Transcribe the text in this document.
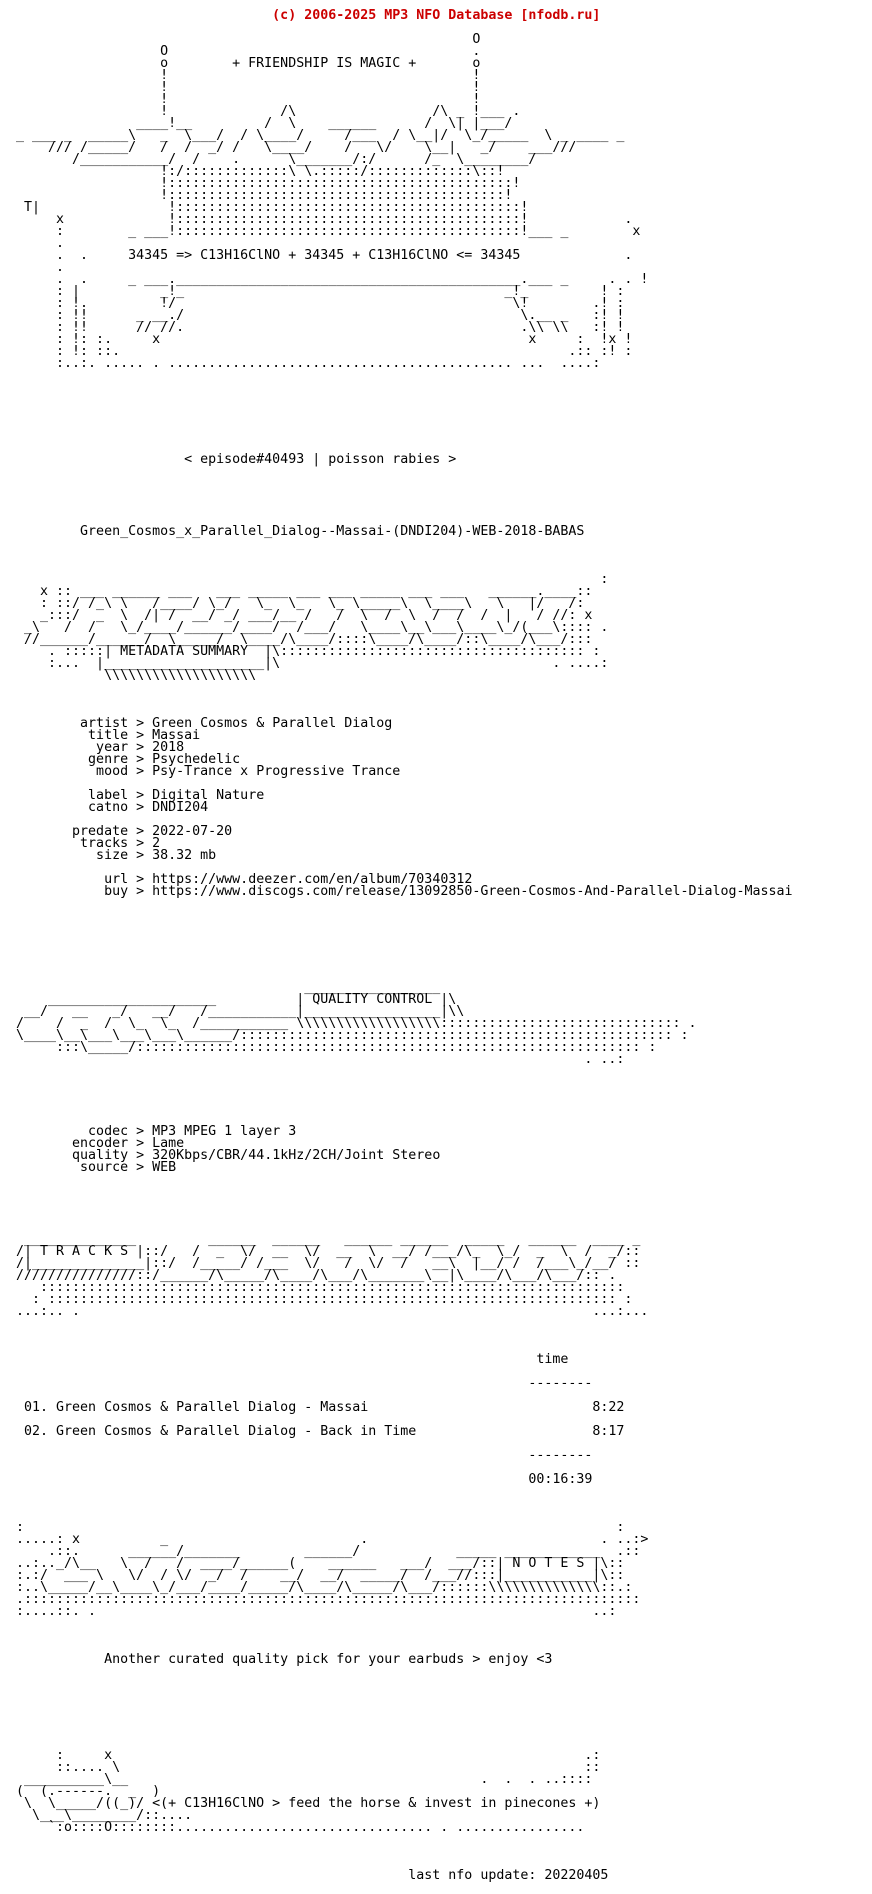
(c) 2006-2025 MP3 NFO Database [nfodb.ru]

O
O                                      .
o        + FRIENDSHIP IS MAGIC +       o
!                                      !
!                                      !
!                                      !
!              /\                 /\ _ !___ .
____!__         /  \    ______      /  \| |___/
_ ___ _  _____\   _  \___/  / \____/     /___  / \__|/  \_/_____  \ _ ____ _
/// /_____/   /  /  _/ /   \____/    /   \/    \__|   _/    ___///
/___________/  /    .      \_______/:/      /_  \________/
!:/:::::::::::::\ \.:::::/:::::::::::::\::!
!:::::::::::::::::::::::::::::::::::::::::::!
!::::::::::::::::::::::::::::::::::::::::::!
T|                !:::::::::::::::::::::::::::::::::::::::::::!
x             !:::::::::::::::::::::::::::::::::::::::::::!            .
:        _ ___!:::::::::::::::::::::::::::::::::::::::::::!___ _        x
.
.  .     34345 => C13H16ClNO + 34345 + C13H16ClNO <= 34345             .
.
.  .     _ ___.___________________________________________.___ _     . . !
: |          _!_                                        _!_         ! :
: !.         !/                                          \!        .! :
: !!      _ __./                                          \.__ _   :! !
: !!      // //.                                          .\\ \\   :! !
: !: :.     x                                              x     :  !x !
: !: ::.                                                        .:: :! :
:..:. ..... . ........................................... ...  ....:

< episode#40493 | poisson rabies >

Green_Cosmos_x_Parallel_Dialog--Massai-(DNDI204)-WEB-2018-BABAS

:
x :: ___ ______ ___   ___ _____ ___ ___ _____ ___ ___   ______.____::
: ::/ /_\ \   /____/ \_/   \_  \_   \_ \_____\  \____\   \   |/   /:
_:::/  _  \  /| /  __/ _/ ___/__ /   /  \  /  \  /  /  /  |   / //: x
_\   /  /   \_/____/______/____/  /___/   \____\__\___\____\_/(___\:::: .
//______/______/  \_____/  \____/\____/::::\____/\____/::\____/\___/:::
. :::::| METADATA SUMMARY  |\:::::::::::::::::::::::::::::::::::::: :
:...  |____________________|\                                  . ....:
\\\\\\\\\\\\\\\\\\\

artist > Green Cosmos & Parallel Dialog
title > Massai
year > 2018
genre > Psychedelic
mood > Psy-Trance x Progressive Trance

label > Digital Nature
catno > DNDI204

predate > 2022-07-20
tracks > 2
size > 38.32 mb

url > https://www.deezer.com/en/album/70340312
buy > https://www.discogs.com/release/13092850-Green-Cosmos-And-Parallel-Dialog-Massai

_________________
_____________________          | QUALITY CONTROL |\
__/   __   _/   __/   /___________|_________________|\\
/    /  _  /  \_  \_  /___________ \\\\\\\\\\\\\\\\\\:::::::::::::::::::::::::::::: .
\____\__\___\___\___\______/:::::::::::::::::::::::::::::::::::::::::::::::::::::: :
:::\_____/::::::::::::::::::::::::::::::::::::::::::::::::::::::::::::::: :
. ..:

codec > MP3 MPEG 1 layer 3
encoder > Lame
quality > 320Kbps/CBR/44.1kHz/2CH/Joint Stereo
source > WEB

______________         ______  ______   ______ ______  _____   ______  ____ _
/| T R A C K S |::/   /  _  \/  __  \/  __  \  __/ /___/\_  \_/  _  \  /  _/::
/|______________|::/  /_____/ /___  \/   /  \/  /   __\  |__/ /  /___\_/__/ ::
///////////////::/______/\_____/\____/\___/\_______\__|\____/\___/\___/:: .
:::::::::::::::::::::::::::::::::::::::::::::::::::::::::::::::::::::::::
: ::::::::::::::::::::::::::::::::::::::::::::::::::::::::::::::::::::::: :
...:.. .                                                                ...:...

time

--------

01. Green Cosmos & Parallel Dialog - Massai                            8:22

02. Green Cosmos & Parallel Dialog - Back in Time                      8:17

--------

00:16:39

:                                                                          :
.....: x          _                        .                             . ..:>
.::.      ______/_______        ______/            _____ ____________  .::
..:.._/\__   \  /   /  ____/______(    ______   ___/  ___/::| N O T E S |\::
:.:/  ___ \   \/  / \/  _/  /    __/  __/  _____/  /___//:::|___________|\::
:..\_____/__\____\_/___/____/_____/\____/\_____/\___/::::::\\\\\\\\\\\\\\::.:
.:::::::::::::::::::::::::::::::::::::::::::::::::::::::::::::::::::::::::::::
:....::. .                                                              ..:

Another curated quality pick for your earbuds > enjoy <3

:     x                                                           .:
::.... \                                                          ::
__________\__                                            .  .  . ..::::
(  (.------.  _  )
\  \_____/((_)/ <(+ C13H16ClNO > feed the horse & invest in pinecones +)
\___\________/::....
`:o::::O::::::::................................ . ................

last nfo update: 20220405
